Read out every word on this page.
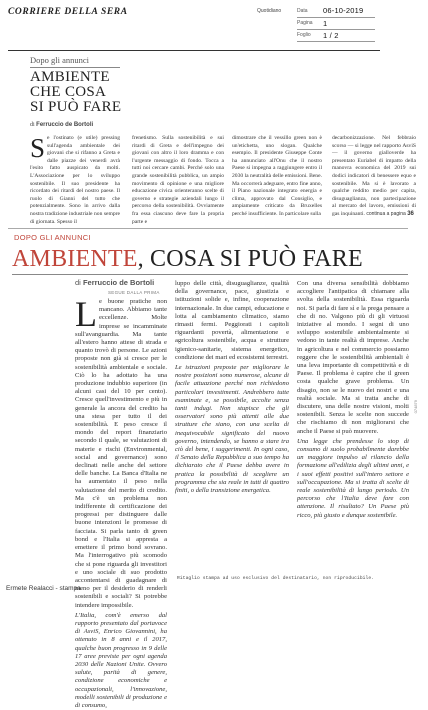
CORRIERE DELLA SERA	Quotidiano	Data	06-10-2019
Pagina	1
Foglio	1 / 2
Dopo gli annunci
AMBIENTE
CHE COSA
SI PUÒ FARE
di Ferruccio de Bortoli
S e l'ostinato (e utile) pressing sull'agenda ambientale dei giovani che si rifanno a Greta e dalle piazze dei venerdì avrà l'esito fatto auspicato da molti. L'Associazione per lo sviluppo sostenibile. Il suo presidente ha ricordato dei ritardi del nostro paese. Il ruolo di Gianni del tutto che potenzialmente. Sono in arrivo dalla nostra tradizione industriale non sempre di giornata. Spesso il
frenetismo. Sulla sostenibilità e sui ritardi di Greta e dell'impegno dei giovani con altro il loro dramma e con l'urgente messaggio di fondo. Tocca a tutti noi cercare cambi. Perché solo una grande sostenibilità pubblica, un ampio movimento di opinione e una migliore educazione civica orienteranno scelte di governo e strategie aziendali lungo il percorso della sostenibilità. Ovviamente fra essa ciascuno deve fare la propria parte e
dimostrare che il vessillo green non è un'etichetta, uno slogan. Qualche esempio. Il presidente Giuseppe Conte ha annunciato all'Onu che il nostro Paese si impegna a raggiungere entro il 2030 la neutralità delle emissioni. Bene. Ma occorrerà adeguare, entro fine anno, il Piano nazionale integrato energia e clima, approvato dal Consiglio, e ampiamente criticato da Bruxelles perché insufficiente. In particolare sulla
decarbonizzazione. Nel febbraio scorso — si legge nel rapporto AsviS — il governo gialloverde ha presentato Euriabel di impatto della manovra economica del 2019 sui dodici indicatori di benessere equo e sostenibile. Ma si è lavorato a qualche reddito medio per capita, disuguaglianza, non partecipazione al mercato del lavoro, emissioni di gas inquinanti. continua a pagina 36
DOPO GLI ANNUNCI
AMBIENTE, COSA SI PUÒ FARE
di Ferruccio de Bortoli
SEGUE DALLA PRIMA
L e buone pratiche non mancano. Abbiamo tante eccellenze. Molte imprese se incamminate sull'avanguardia. Ma tante all'estero hanno attese di strada e quanto trovò di persone. Le azioni proposte non già si cresce per le sostenibilità ambientale e sociale. Ciò lo ha adottato ha una produzione indubbio superiore (in alcuni casi del 10 per cento). Cresce quell'investimento e più in generale la ancora del credito ha una stesa per tutto il dei sostenibilità. E peso cresce il mondo del report finanziario secondo il quale, se valutazioni di materie e rischi (Environmental, social and governance) sono declinati nelle anche del settore delle banche. La Banca d'Italia ne ha aumentato il peso nella valutazione del merito di credito. Ma c'è un problema non indifferente di certificazione dei progressi per distinguere dalle buone intenzioni le promesse di facciata. Si parla tanto di green bond e l'Italia si appresta a emettere il primo bond sovrano. Ma l'interrogativo più scomodo che si pone riguarda gli investitori e uno sociale di suo prodotto accontentarsi di guadagnare di meno per il desiderio di renderli sostenibili e sociali? Si potrebbe intendere impossibile.
L'Italia, com'è emerso dal rapporto presentato dal portavoce di AsviS, Enrico Giovannini, ha ottenuto in 8 anni e il 2017, qualche buon progresso in 9 delle 17 aree previste per ogni agenda 2030 delle Nazioni Unite. Ovvero salute, parità di genere, condizione economiche e occupazionali, l'innovazione, modelli sostenibili di produzione e di consumo,
luppo delle città, disuguaglianze, qualità della governance, pace, giustizia e istituzioni solide e, infine, cooperazione internazionale. In due campi, educazione e lotta al cambiamento climatico, siamo rimasti fermi. Peggiorati i capitoli riguardanti povertà, alimentazione e agricoltura sostenibile, acqua e strutture igienico-sanitarie, sistema energetico, condizione dei mari ed ecosistemi terrestri.
Le istruzioni preposte per migliorare le nostre posizioni sono numerose, alcune di facile attuazione perché non richiedono particolari investimenti. Andrebbero tutte esaminate e, se possibile, accolte senza tanti indugi. Non stupisce che gli osservatori sono più attenti alle due strutture che siano, con una scelta di inequivocabile significato del nuovo governo, intendendo, se hanno a stare tra ciò del bene, i suggerimenti. In ogni caso, il Senato della Repubblica a suo tempo ha dichiarato che il Paese debba avere in pratica la possibilità di scegliere un programma che sia reale in tutti di quattro finiti, o della transizione energetica.
Con una diversa sensibilità dobbiamo accogliere l'antipatica di chiamare alla svolta della sostenibilità. Essa riguarda noi. Si parla di fare sì e la prega pensare a che di no. Valgono più di gli virtuosi iniziative al mondo. I segni di uno sviluppo sostenibile ambientalmente si vedono in tante realtà di imprese. Anche in agricoltura e nel commercio possiamo reggere che le sostenibilità ambientali è una leva importante di competitività e di Paese. Il problema è capire che il green costa qualche grave problema. Un disagio, non se le nuovo dei nostri e una realtà sociale. Ma si tratta anche di discutere, una delle nostre visioni, molti sostenibili. Senza le scelte non succede che rischiamo di non migliorarsi che anche il Paese si può muovere.
Una legge che prendesse lo stop di consumo di suolo probabilmente darebbe un maggiore impulso al rilancio della formazione all'edilizia degli ultimi anni, e i suoi effetti positivi sull'intero settore e sull'occupazione. Ma si tratta di scelte di reale sostenibilità di lungo periodo. Un percorso che l'Italia deve fare con attenzione. Il risultato? Un Paese più ricco, più giusto e dunque sostenibile.
074879
Ritaglio stampa ad uso esclusivo del destinatario, non riproducibile.
Ermete Realacci - stampa
